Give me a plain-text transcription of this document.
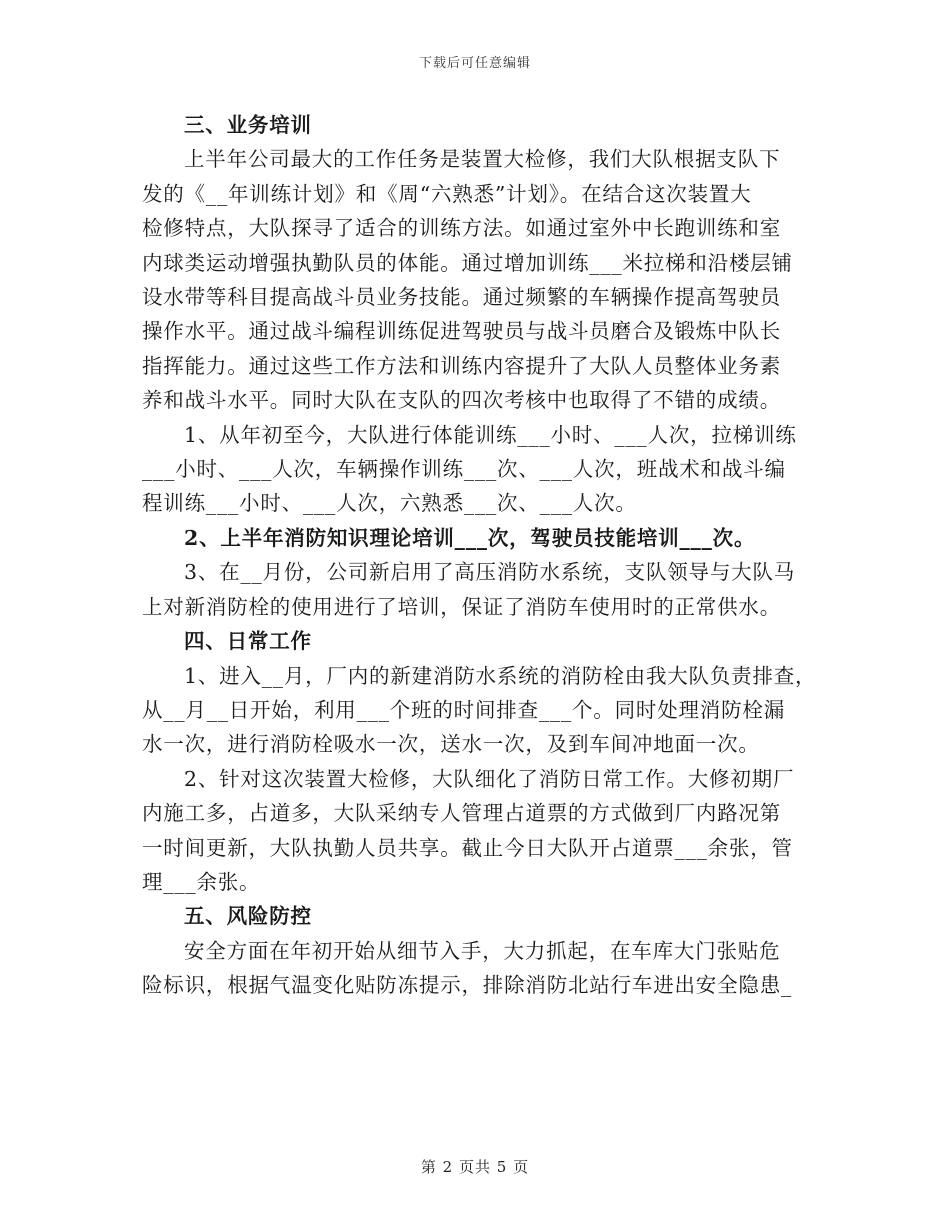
下载后可任意编辑
三、业务培训
上半年公司最大的工作任务是装置大检修，我们大队根据支队下
发的《__年训练计划》和《周“六熟悉”计划》。在结合这次装置大
检修特点，大队探寻了适合的训练方法。如通过室外中长跑训练和室
内球类运动增强执勤队员的体能。通过增加训练___米拉梯和沿楼层铺
设水带等科目提高战斗员业务技能。通过频繁的车辆操作提高驾驶员
操作水平。通过战斗编程训练促进驾驶员与战斗员磨合及锻炼中队长
指挥能力。通过这些工作方法和训练内容提升了大队人员整体业务素
养和战斗水平。同时大队在支队的四次考核中也取得了不错的成绩。
1、从年初至今，大队进行体能训练___小时、___人次，拉梯训练
___小时、___人次，车辆操作训练___次、___人次，班战术和战斗编
程训练___小时、___人次，六熟悉___次、___人次。
2、上半年消防知识理论培训___次，驾驶员技能培训___次。
3、在__月份，公司新启用了高压消防水系统，支队领导与大队马
上对新消防栓的使用进行了培训，保证了消防车使用时的正常供水。
四、日常工作
1、进入__月，厂内的新建消防水系统的消防栓由我大队负责排查，
从__月__日开始，利用___个班的时间排查___个。同时处理消防栓漏
水一次，进行消防栓吸水一次，送水一次，及到车间冲地面一次。
2、针对这次装置大检修，大队细化了消防日常工作。大修初期厂
内施工多，占道多，大队采纳专人管理占道票的方式做到厂内路况第
一时间更新，大队执勤人员共享。截止今日大队开占道票___余张，管
理___余张。
五、风险防控
安全方面在年初开始从细节入手，大力抓起，在车库大门张贴危
险标识，根据气温变化贴防冻提示，排除消防北站行车进出安全隐患_
第 2 页共 5 页
